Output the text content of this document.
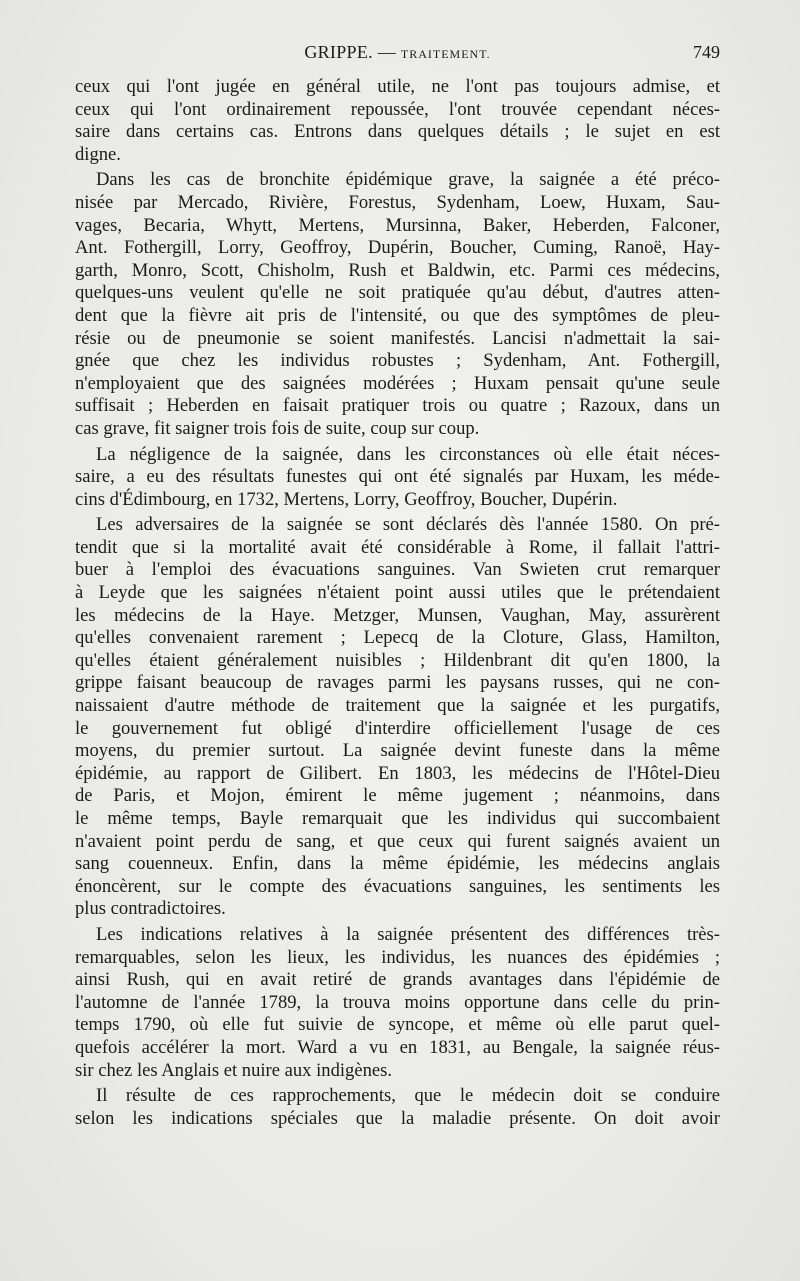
GRIPPE. — TRAITEMENT.	749
ceux qui l'ont jugée en général utile, ne l'ont pas toujours admise, et
ceux qui l'ont ordinairement repoussée, l'ont trouvée cependant néces-
saire dans certains cas. Entrons dans quelques détails ; le sujet en est
digne.
Dans les cas de bronchite épidémique grave, la saignée a été préco-
nisée par Mercado, Rivière, Forestus, Sydenham, Loew, Huxam, Sau-
vages, Becaria, Whytt, Mertens, Mursinna, Baker, Heberden, Falconer,
Ant. Fothergill, Lorry, Geoffroy, Dupérin, Boucher, Cuming, Ranoë, Hay-
garth, Monro, Scott, Chisholm, Rush et Baldwin, etc. Parmi ces médecins,
quelques-uns veulent qu'elle ne soit pratiquée qu'au début, d'autres atten-
dent que la fièvre ait pris de l'intensité, ou que des symptômes de pleu-
résie ou de pneumonie se soient manifestés. Lancisi n'admettait la sai-
gnée que chez les individus robustes ; Sydenham, Ant. Fothergill,
n'employaient que des saignées modérées ; Huxam pensait qu'une seule
suffisait ; Heberden en faisait pratiquer trois ou quatre ; Razoux, dans un
cas grave, fit saigner trois fois de suite, coup sur coup.
La négligence de la saignée, dans les circonstances où elle était néces-
saire, a eu des résultats funestes qui ont été signalés par Huxam, les méde-
cins d'Édimbourg, en 1732, Mertens, Lorry, Geoffroy, Boucher, Dupérin.
Les adversaires de la saignée se sont déclarés dès l'année 1580. On pré-
tendit que si la mortalité avait été considérable à Rome, il fallait l'attri-
buer à l'emploi des évacuations sanguines. Van Swieten crut remarquer
à Leyde que les saignées n'étaient point aussi utiles que le prétendaient
les médecins de la Haye. Metzger, Munsen, Vaughan, May, assurèrent
qu'elles convenaient rarement ; Lepecq de la Cloture, Glass, Hamilton,
qu'elles étaient généralement nuisibles ; Hildenbrant dit qu'en 1800, la
grippe faisant beaucoup de ravages parmi les paysans russes, qui ne con-
naissaient d'autre méthode de traitement que la saignée et les purgatifs,
le gouvernement fut obligé d'interdire officiellement l'usage de ces
moyens, du premier surtout. La saignée devint funeste dans la même
épidémie, au rapport de Gilibert. En 1803, les médecins de l'Hôtel-Dieu
de Paris, et Mojon, émirent le même jugement ; néanmoins, dans
le même temps, Bayle remarquait que les individus qui succombaient
n'avaient point perdu de sang, et que ceux qui furent saignés avaient un
sang couenneux. Enfin, dans la même épidémie, les médecins anglais
énoncèrent, sur le compte des évacuations sanguines, les sentiments les
plus contradictoires.
Les indications relatives à la saignée présentent des différences très-
remarquables, selon les lieux, les individus, les nuances des épidémies ;
ainsi Rush, qui en avait retiré de grands avantages dans l'épidémie de
l'automne de l'année 1789, la trouva moins opportune dans celle du prin-
temps 1790, où elle fut suivie de syncope, et même où elle parut quel-
quefois accélérer la mort. Ward a vu en 1831, au Bengale, la saignée réus-
sir chez les Anglais et nuire aux indigènes.
Il résulte de ces rapprochements, que le médecin doit se conduire
selon les indications spéciales que la maladie présente. On doit avoir
